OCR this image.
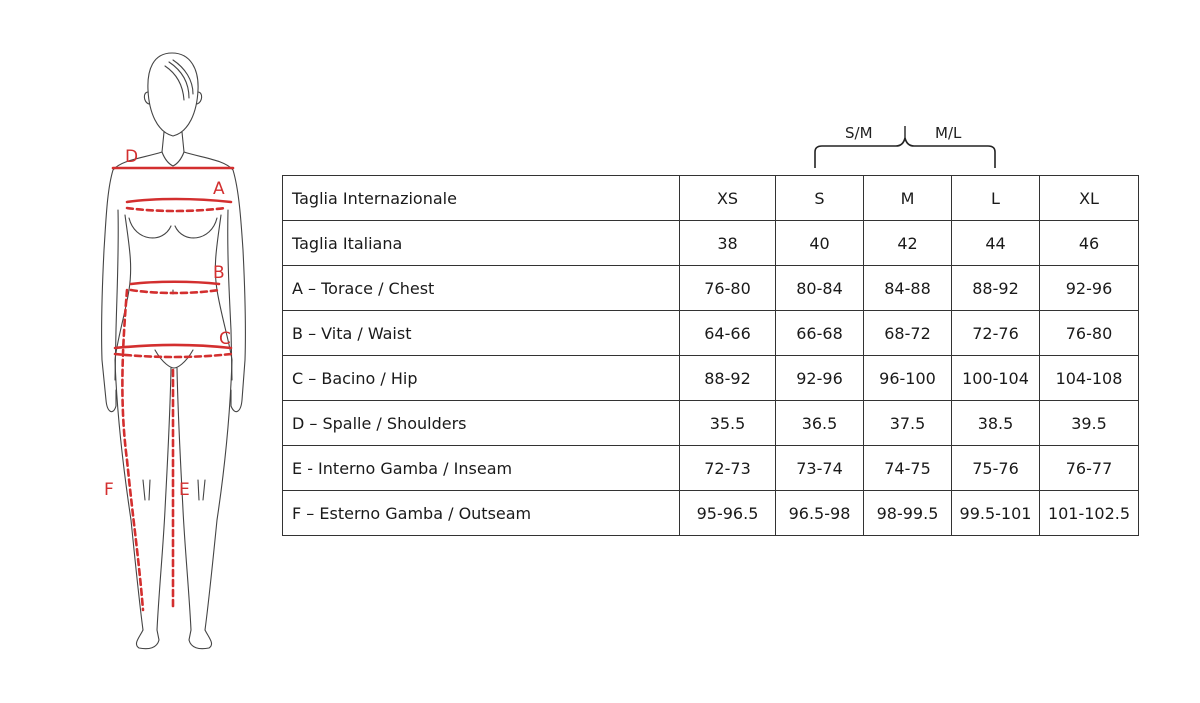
D
A
B
C
F	E
S/M	M/L
Taglia Internazionale	XS	S	M	L	XL
Taglia Italiana	38	40	42	44	46
A – Torace / Chest	76-80	80-84	84-88	88-92	92-96
B – Vita / Waist	64-66	66-68	68-72	72-76	76-80
C – Bacino / Hip	88-92	92-96	96-100	100-104	104-108
D – Spalle / Shoulders	35.5	36.5	37.5	38.5	39.5
E - Interno Gamba / Inseam	72-73	73-74	74-75	75-76	76-77
F – Esterno Gamba / Outseam	95-96.5	96.5-98	98-99.5	99.5-101	101-102.5
